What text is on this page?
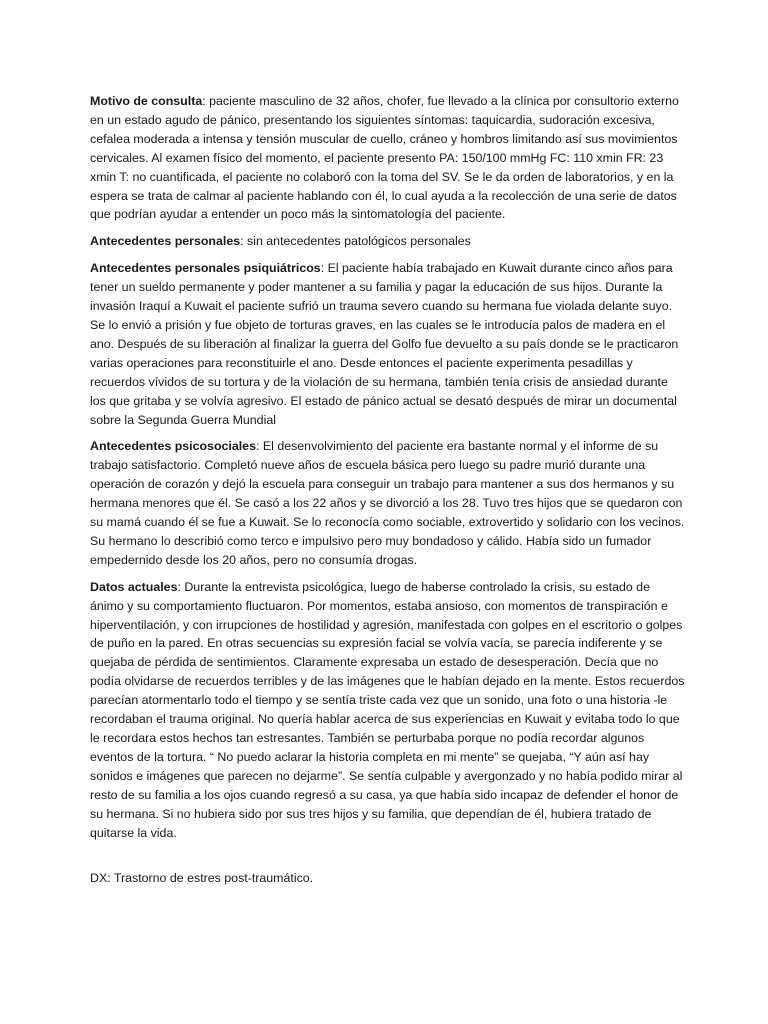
Motivo de consulta: paciente masculino de 32 años, chofer, fue llevado a la clínica por consultorio externo en un estado agudo de pánico, presentando los siguientes síntomas: taquicardia, sudoración excesiva, cefalea moderada a intensa y tensión muscular de cuello, cráneo y hombros limitando así sus movimientos cervicales. Al examen físico del momento, el paciente presento PA: 150/100 mmHg FC: 110 xmin FR: 23 xmin T: no cuantificada, el paciente no colaboró con la toma del SV. Se le da orden de laboratorios, y en la espera se trata de calmar al paciente hablando con él, lo cual ayuda a la recolección de una serie de datos que podrían ayudar a entender un poco más la sintomatología del paciente.

Antecedentes personales: sin antecedentes patológicos personales

Antecedentes personales psiquiátricos: El paciente había trabajado en Kuwait durante cinco años para tener un sueldo permanente y poder mantener a su familia y pagar la educación de sus hijos. Durante la invasión Iraquí a Kuwait el paciente sufrió un trauma severo cuando su hermana fue violada delante suyo. Se lo envió a prisión y fue objeto de torturas graves, en las cuales se le introducía palos de madera en el ano. Después de su liberación al finalizar la guerra del Golfo fue devuelto a su país donde se le practicaron varias operaciones para reconstituirle el ano. Desde entonces el paciente experimenta pesadillas y recuerdos vívidos de su tortura y de la violación de su hermana, también tenía crisis de ansiedad durante los que gritaba y se volvía agresivo. El estado de pánico actual se desató después de mirar un documental sobre la Segunda Guerra Mundial

Antecedentes psicosociales: El desenvolvimiento del paciente era bastante normal y el informe de su trabajo satisfactorio. Completó nueve años de escuela básica pero luego su padre murió durante una operación de corazón y dejó la escuela para conseguir un trabajo para mantener a sus dos hermanos y su hermana menores que él. Se casó a los 22 años y se divorció a los 28. Tuvo tres hijos que se quedaron con su mamá cuando él se fue a Kuwait. Se lo reconocía como sociable, extrovertido y solidario con los vecinos. Su hermano lo describió como terco e impulsivo pero muy bondadoso y cálido. Había sido un fumador empedernido desde los 20 años, pero no consumía drogas.

Datos actuales: Durante la entrevista psicológica, luego de haberse controlado la crisis, su estado de ánimo y su comportamiento fluctuaron. Por momentos, estaba ansioso, con momentos de transpiración e hiperventilación, y con irrupciones de hostilidad y agresión, manifestada con golpes en el escritorio o golpes de puño en la pared. En otras secuencias su expresión facial se volvía vacía, se parecía indiferente y se quejaba de pérdida de sentimientos. Claramente expresaba un estado de desesperación. Decía que no podía olvidarse de recuerdos terribles y de las imágenes que le habían dejado en la mente. Estos recuerdos parecían atormentarlo todo el tiempo y se sentía triste cada vez que un sonido, una foto o una historia -le recordaban el trauma original. No quería hablar acerca de sus experiencias en Kuwait y evitaba todo lo que le recordara estos hechos tan estresantes. También se perturbaba porque no podía recordar algunos eventos de la tortura. “ No puedo aclarar la historia completa en mi mente” se quejaba, “Y aún así hay sonidos e imágenes que parecen no dejarme”. Se sentía culpable y avergonzado y no había podido mirar al resto de su familia a los ojos cuando regresó a su casa, ya que había sido incapaz de defender el honor de su hermana. Si no hubiera sido por sus tres hijos y su familia, que dependían de él, hubiera tratado de quitarse la vida.

DX: Trastorno de estres post-traumático.
